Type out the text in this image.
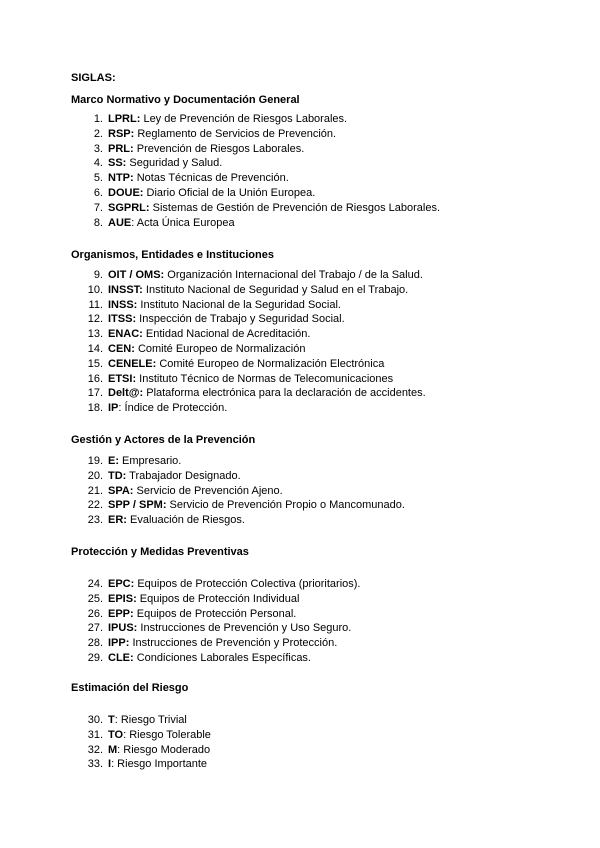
SIGLAS:
Marco Normativo y Documentación General
1. LPRL: Ley de Prevención de Riesgos Laborales.
2. RSP: Reglamento de Servicios de Prevención.
3. PRL: Prevención de Riesgos Laborales.
4. SS: Seguridad y Salud.
5. NTP: Notas Técnicas de Prevención.
6. DOUE: Diario Oficial de la Unión Europea.
7. SGPRL: Sistemas de Gestión de Prevención de Riesgos Laborales.
8. AUE: Acta Única Europea
Organismos, Entidades e Instituciones
9. OIT / OMS: Organización Internacional del Trabajo / de la Salud.
10. INSST: Instituto Nacional de Seguridad y Salud en el Trabajo.
11. INSS: Instituto Nacional de la Seguridad Social.
12. ITSS: Inspección de Trabajo y Seguridad Social.
13. ENAC: Entidad Nacional de Acreditación.
14. CEN: Comité Europeo de Normalización
15. CENELE: Comité Europeo de Normalización Electrónica
16. ETSI: Instituto Técnico de Normas de Telecomunicaciones
17. Delt@: Plataforma electrónica para la declaración de accidentes.
18. IP: Índice de Protección.
Gestión y Actores de la Prevención
19. E: Empresario.
20. TD: Trabajador Designado.
21. SPA: Servicio de Prevención Ajeno.
22. SPP / SPM: Servicio de Prevención Propio o Mancomunado.
23. ER: Evaluación de Riesgos.
Protección y Medidas Preventivas
24. EPC: Equipos de Protección Colectiva (prioritarios).
25. EPIS: Equipos de Protección Individual
26. EPP: Equipos de Protección Personal.
27. IPUS: Instrucciones de Prevención y Uso Seguro.
28. IPP: Instrucciones de Prevención y Protección.
29. CLE: Condiciones Laborales Específicas.
Estimación del Riesgo
30. T: Riesgo Trivial
31. TO: Riesgo Tolerable
32. M: Riesgo Moderado
33. I: Riesgo Importante
